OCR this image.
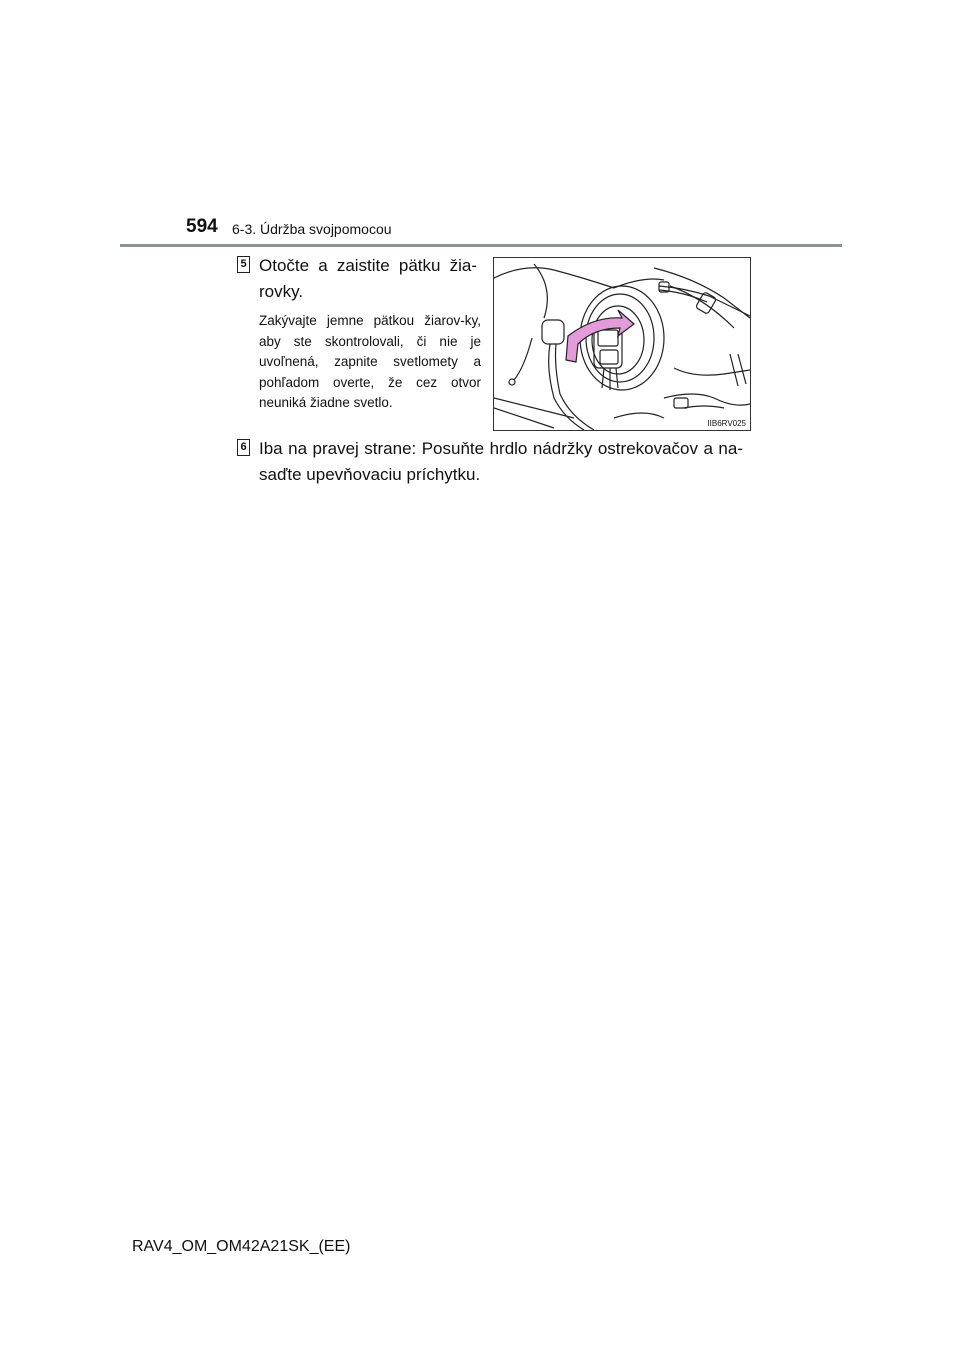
594 6-3. Údržba svojpomocou
5 Otočte a zaistite pätku žia-rovky.
Zakývajte jemne pätkou žiarov-ky, aby ste skontrolovali, či nie je uvoľnená, zapnite svetlomety a pohľadom overte, že cez otvor neuniká žiadne svetlo.
IIB6RV025
6 Iba na pravej strane: Posuňte hrdlo nádržky ostrekovačov a na-saďte upevňovaciu príchytku.
RAV4_OM_OM42A21SK_(EE)
